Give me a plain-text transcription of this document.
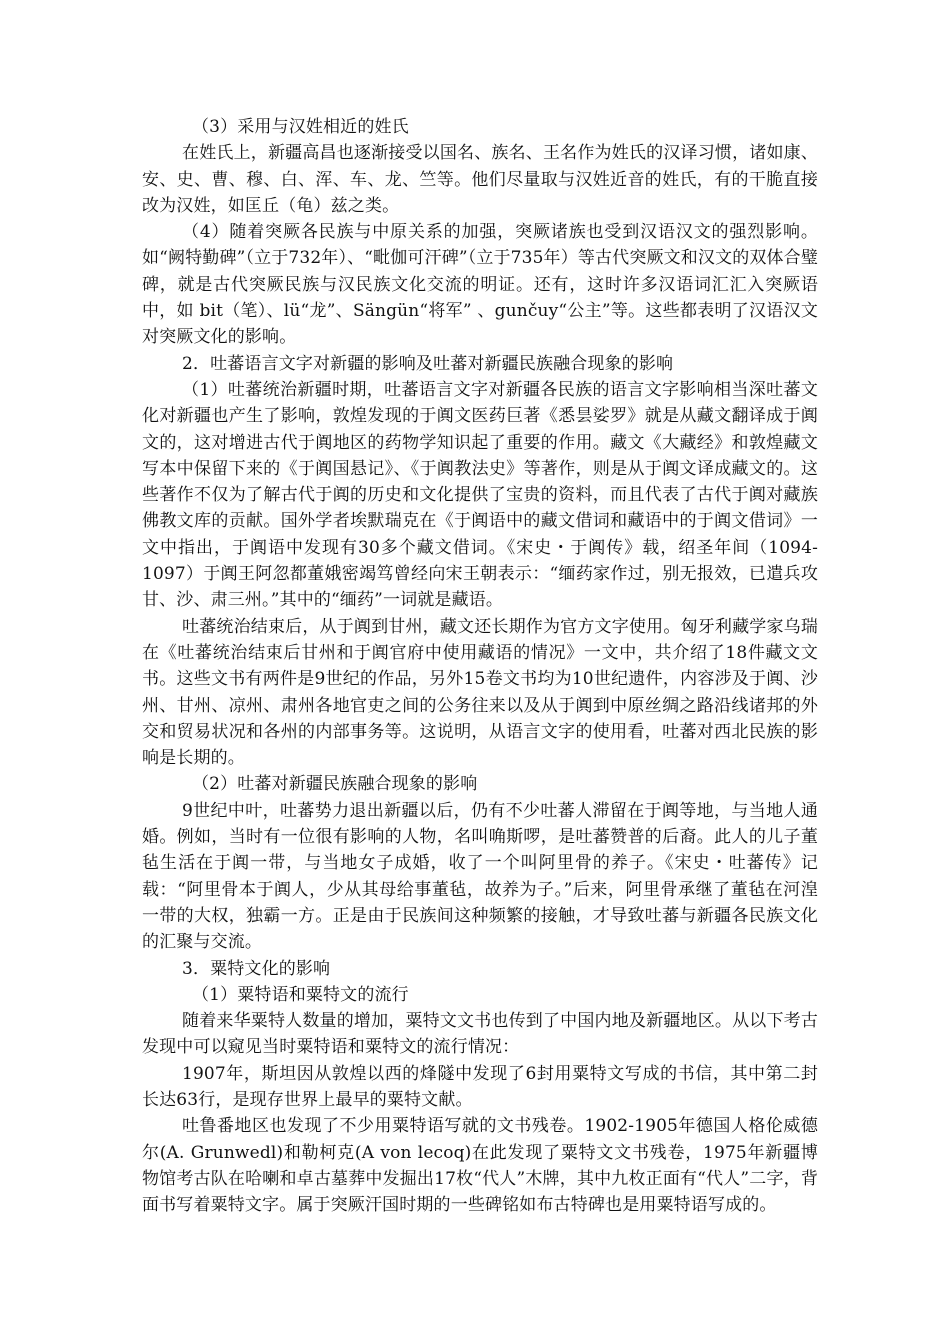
（3）采用与汉姓相近的姓氏

在姓氏上，新疆高昌也逐渐接受以国名、族名、王名作为姓氏的汉译习惯，诸如康、安、史、曹、穆、白、浑、车、龙、竺等。他们尽量取与汉姓近音的姓氏，有的干脆直接改为汉姓，如匡丘（龟）兹之类。

（4）随着突厥各民族与中原关系的加强，突厥诸族也受到汉语汉文的强烈影响。如“阙特勤碑”（立于732年）、“毗伽可汗碑”（立于735年）等古代突厥文和汉文的双体合璧碑，就是古代突厥民族与汉民族文化交流的明证。还有，这时许多汉语词汇汇入突厥语中，如 bit（笔）、lü“龙”、Sängün“将军” 、gunčuy“公主”等。这些都表明了汉语汉文对突厥文化的影响。

2．吐蕃语言文字对新疆的影响及吐蕃对新疆民族融合现象的影响

（1）吐蕃统治新疆时期，吐蕃语言文字对新疆各民族的语言文字影响相当深吐蕃文化对新疆也产生了影响，敦煌发现的于阗文医药巨著《悉昙娑罗》就是从藏文翻译成于阗文的，这对增进古代于阗地区的药物学知识起了重要的作用。藏文《大藏经》和敦煌藏文写本中保留下来的《于阗国悬记》、《于阗教法史》等著作，则是从于阗文译成藏文的。这些著作不仅为了解古代于阗的历史和文化提供了宝贵的资料，而且代表了古代于阗对藏族佛教文库的贡献。国外学者埃默瑞克在《于阗语中的藏文借词和藏语中的于阗文借词》一文中指出，于阗语中发现有30多个藏文借词。《宋史・于阗传》载，绍圣年间（1094-1097）于阗王阿忽都董娥密竭笃曾经向宋王朝表示：“缅药家作过，别无报效，已遣兵攻甘、沙、肃三州。”其中的“缅药”一词就是藏语。

吐蕃统治结束后，从于阗到甘州，藏文还长期作为官方文字使用。匈牙利藏学家乌瑞在《吐蕃统治结束后甘州和于阗官府中使用藏语的情况》一文中，共介绍了18件藏文文书。这些文书有两件是9世纪的作品，另外15卷文书均为10世纪遗件，内容涉及于阗、沙州、甘州、凉州、肃州各地官吏之间的公务往来以及从于阗到中原丝绸之路沿线诸邦的外交和贸易状况和各州的内部事务等。这说明，从语言文字的使用看，吐蕃对西北民族的影响是长期的。

（2）吐蕃对新疆民族融合现象的影响

9世纪中叶，吐蕃势力退出新疆以后，仍有不少吐蕃人滞留在于阗等地，与当地人通婚。例如，当时有一位很有影响的人物，名叫唃斯啰，是吐蕃赞普的后裔。此人的儿子董毡生活在于阗一带，与当地女子成婚，收了一个叫阿里骨的养子。《宋史・吐蕃传》记载：“阿里骨本于阗人，少从其母给事董毡，故养为子。”后来，阿里骨承继了董毡在河湟一带的大权，独霸一方。正是由于民族间这种频繁的接触，才导致吐蕃与新疆各民族文化的汇聚与交流。

3．粟特文化的影响

（1）粟特语和粟特文的流行

随着来华粟特人数量的增加，粟特文文书也传到了中国内地及新疆地区。从以下考古发现中可以窥见当时粟特语和粟特文的流行情况：

1907年，斯坦因从敦煌以西的烽隧中发现了6封用粟特文写成的书信，其中第二封长达63行，是现存世界上最早的粟特文献。

吐鲁番地区也发现了不少用粟特语写就的文书残卷。1902-1905年德国人格伦威德尔(A. Grunwedl)和勒柯克(A von lecoq)在此发现了粟特文文书残卷，1975年新疆博物馆考古队在哈喇和卓古墓葬中发掘出17枚“代人”木牌，其中九枚正面有“代人”二字，背面书写着粟特文字。属于突厥汗国时期的一些碑铭如布古特碑也是用粟特语写成的。
